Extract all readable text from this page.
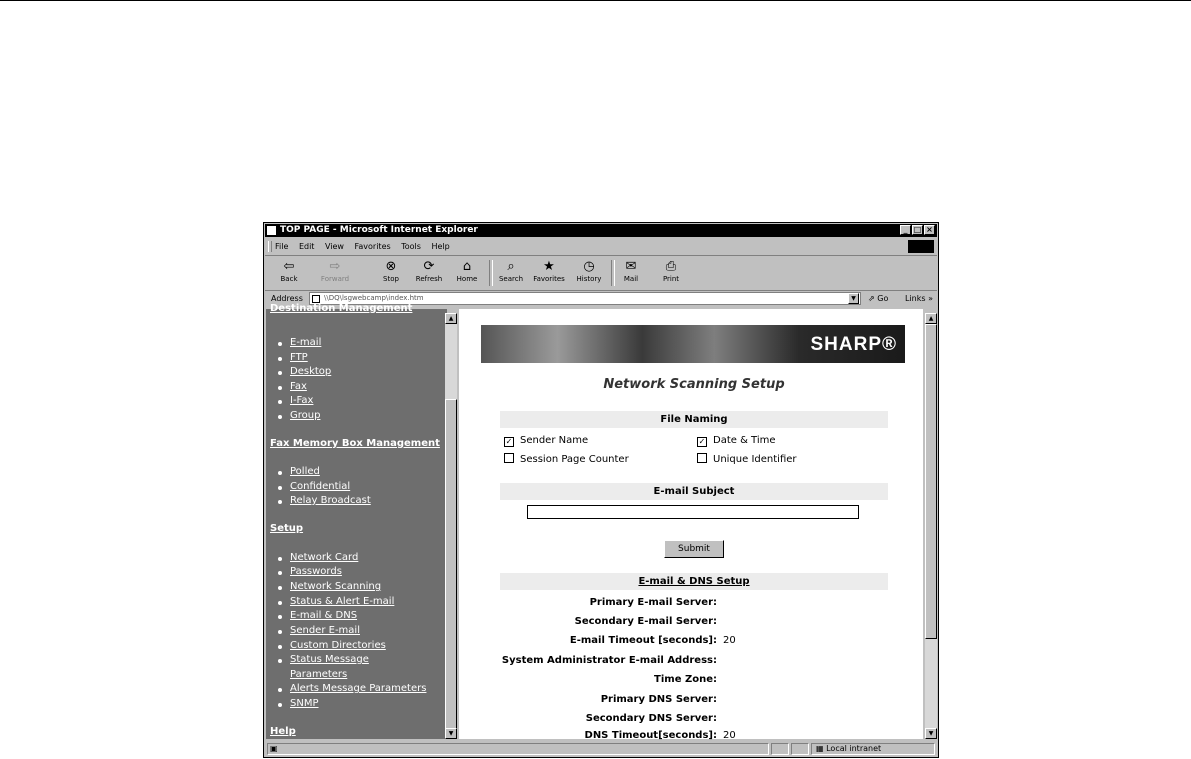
TOP PAGE - Microsoft Internet Explorer	_ □ ×
File Edit View Favorites Tools Help
⇦
Back
⇨
Forward
⊗
Stop
⟳
Refresh
⌂
Home
⌕
Search
★
Favorites
◷
History
✉
Mail
⎙
Print
Address	\\DQ\lsgwebcamp\index.htm	▼	⇗ Go Links »
Destination Management
E-mail
FTP
Desktop
Fax
I-Fax
Group
Fax Memory Box Management
Polled
Confidential
Relay Broadcast
Setup
Network Card
Passwords
Network Scanning
Status & Alert E-mail
E-mail & DNS
Sender E-mail
Custom Directories
Status Message
Parameters
Alerts Message Parameters
SNMP
Help
▲
▼
SHARP®
Network Scanning Setup
File Naming
✓ Sender Name	✓ Date & Time
Session Page Counter	Unique Identifier
E-mail Subject
Submit
E-mail & DNS Setup
Primary E-mail Server:
Secondary E-mail Server:
E-mail Timeout [seconds]: 20
System Administrator E-mail Address:
Time Zone:
Primary DNS Server:
Secondary DNS Server:
DNS Timeout[seconds]: 20
▲
▼
▣	▦ Local intranet
